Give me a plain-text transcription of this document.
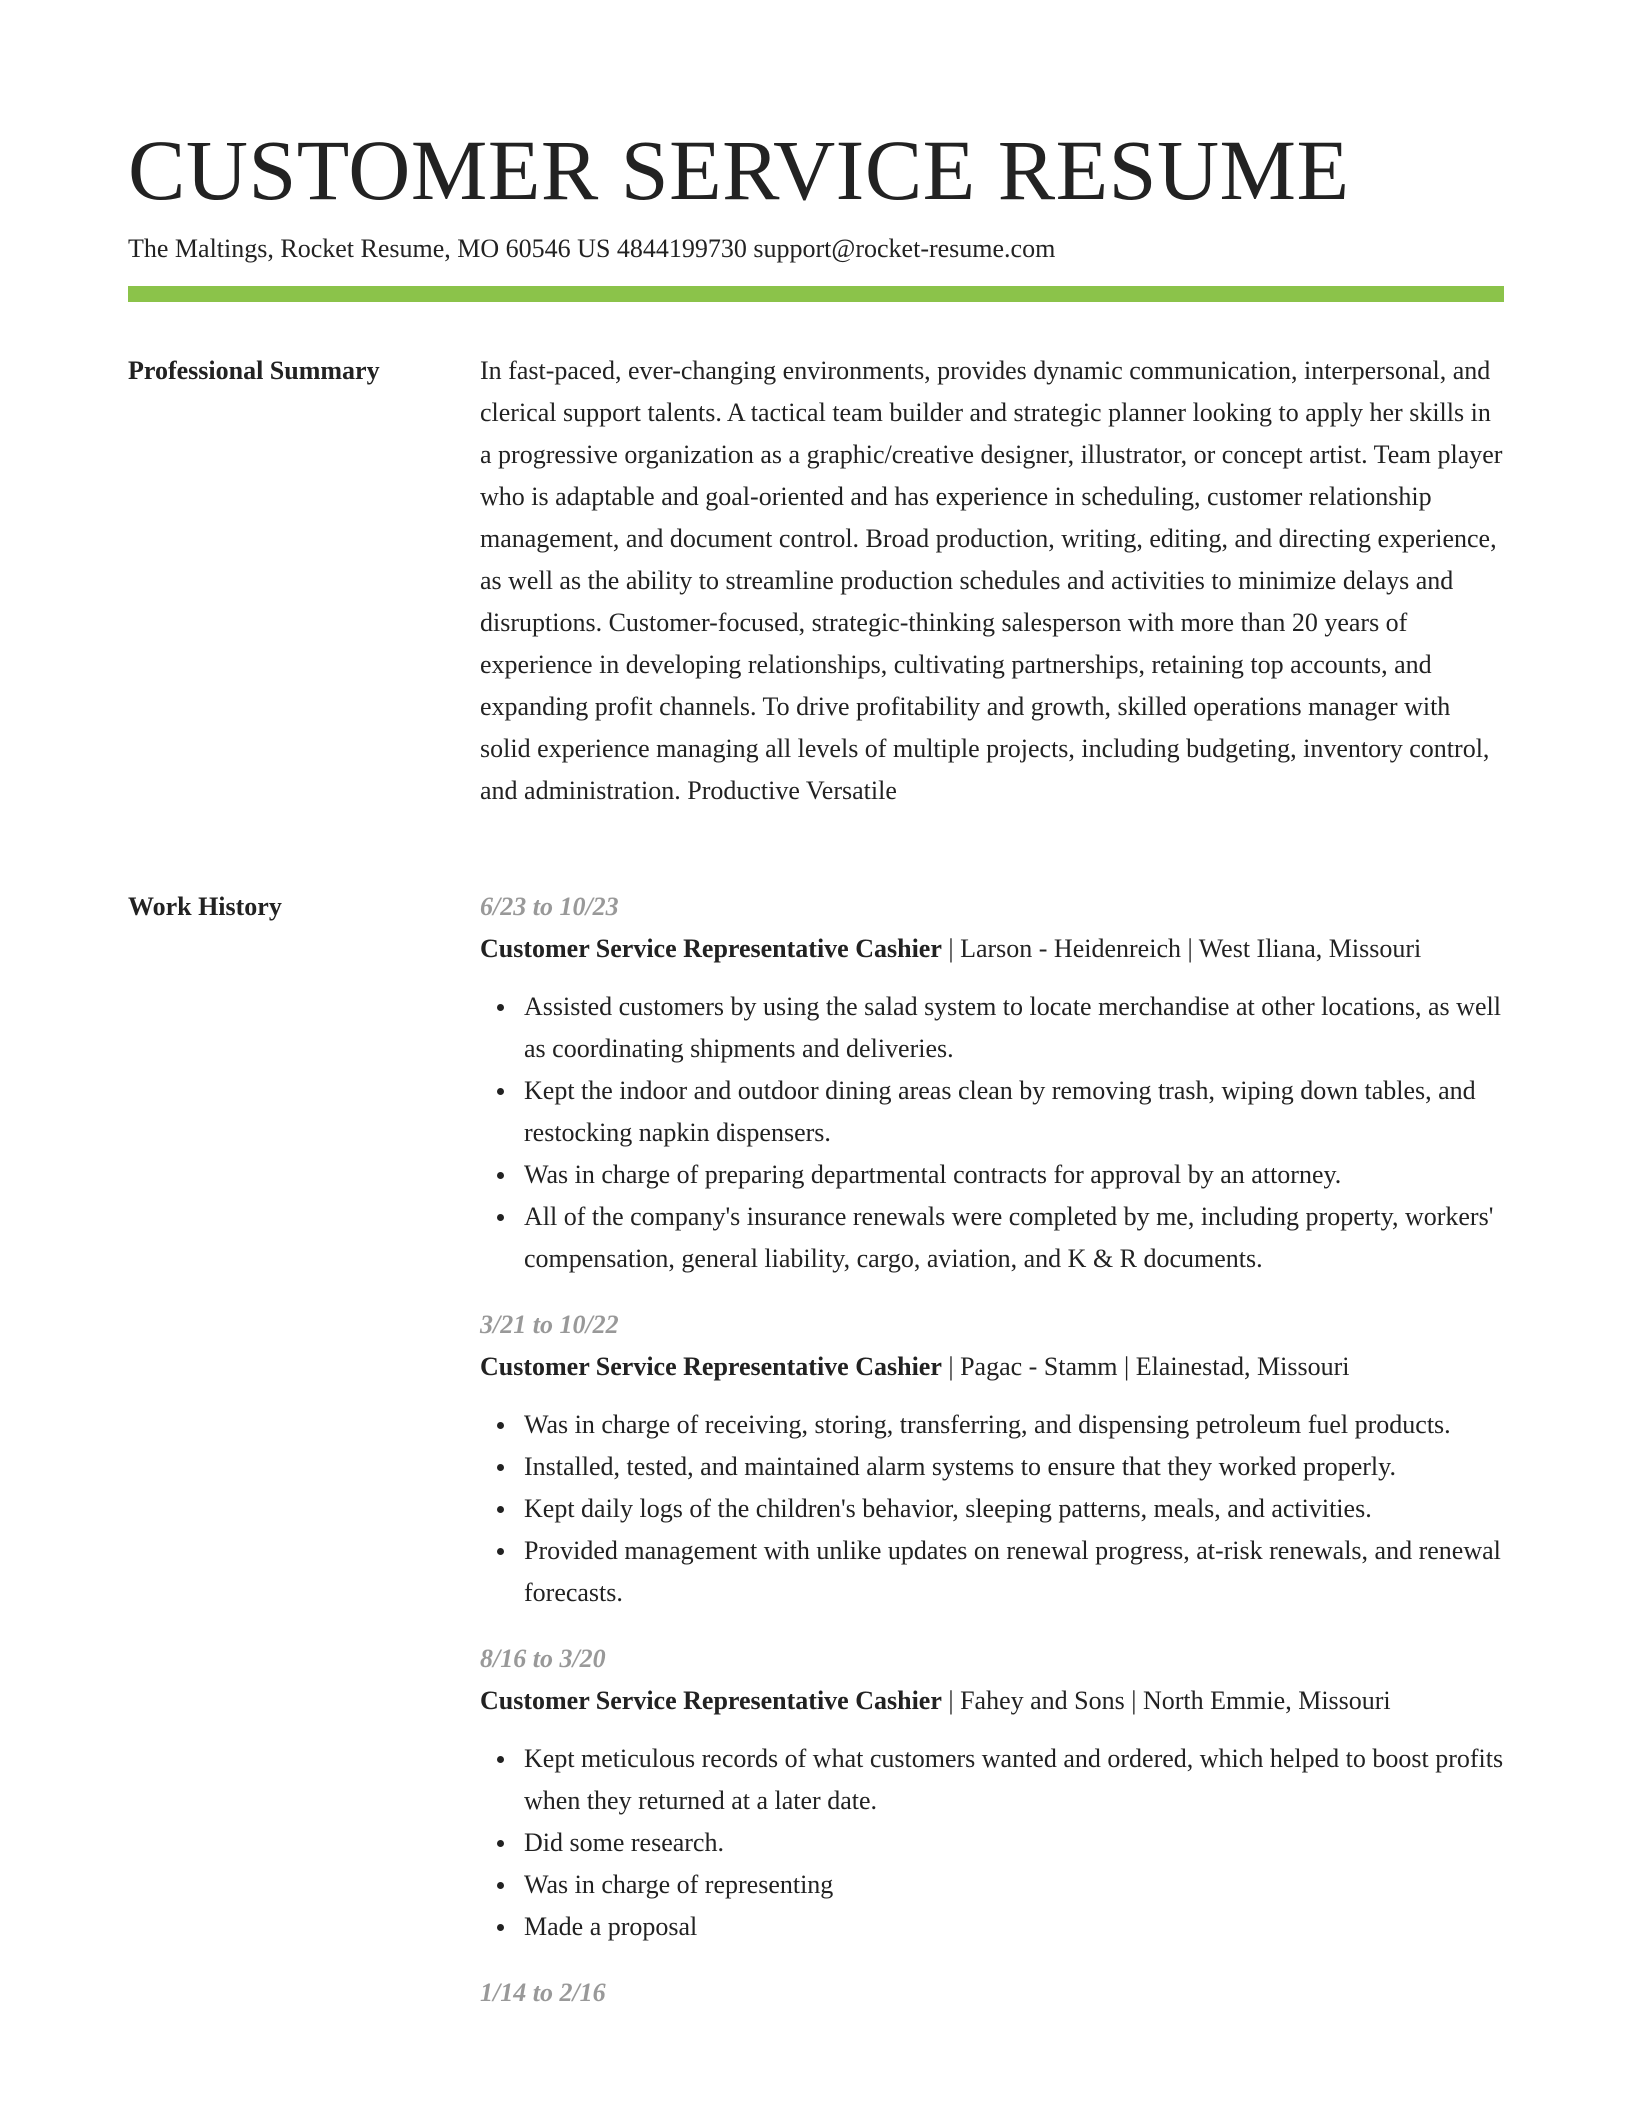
CUSTOMER SERVICE RESUME
The Maltings, Rocket Resume, MO 60546 US 4844199730 support@rocket-resume.com
Professional Summary	In fast-paced, ever-changing environments, provides dynamic communication, interpersonal, and clerical support talents. A tactical team builder and strategic planner looking to apply her skills in a progressive organization as a graphic/creative designer, illustrator, or concept artist. Team player who is adaptable and goal-oriented and has experience in scheduling, customer relationship management, and document control. Broad production, writing, editing, and directing experience, as well as the ability to streamline production schedules and activities to minimize delays and disruptions. Customer-focused, strategic-thinking salesperson with more than 20 years of experience in developing relationships, cultivating partnerships, retaining top accounts, and expanding profit channels. To drive profitability and growth, skilled operations manager with solid experience managing all levels of multiple projects, including budgeting, inventory control, and administration. Productive Versatile

Work History	6/23 to 10/23
Customer Service Representative Cashier | Larson - Heidenreich | West Iliana, Missouri
Assisted customers by using the salad system to locate merchandise at other locations, as well as coordinating shipments and deliveries.
Kept the indoor and outdoor dining areas clean by removing trash, wiping down tables, and restocking napkin dispensers.
Was in charge of preparing departmental contracts for approval by an attorney.
All of the company's insurance renewals were completed by me, including property, workers' compensation, general liability, cargo, aviation, and K & R documents.
3/21 to 10/22
Customer Service Representative Cashier | Pagac - Stamm | Elainestad, Missouri
Was in charge of receiving, storing, transferring, and dispensing petroleum fuel products.
Installed, tested, and maintained alarm systems to ensure that they worked properly.
Kept daily logs of the children's behavior, sleeping patterns, meals, and activities.
Provided management with unlike updates on renewal progress, at-risk renewals, and renewal forecasts.
8/16 to 3/20
Customer Service Representative Cashier | Fahey and Sons | North Emmie, Missouri
Kept meticulous records of what customers wanted and ordered, which helped to boost profits when they returned at a later date.
Did some research.
Was in charge of representing
Made a proposal
1/14 to 2/16
